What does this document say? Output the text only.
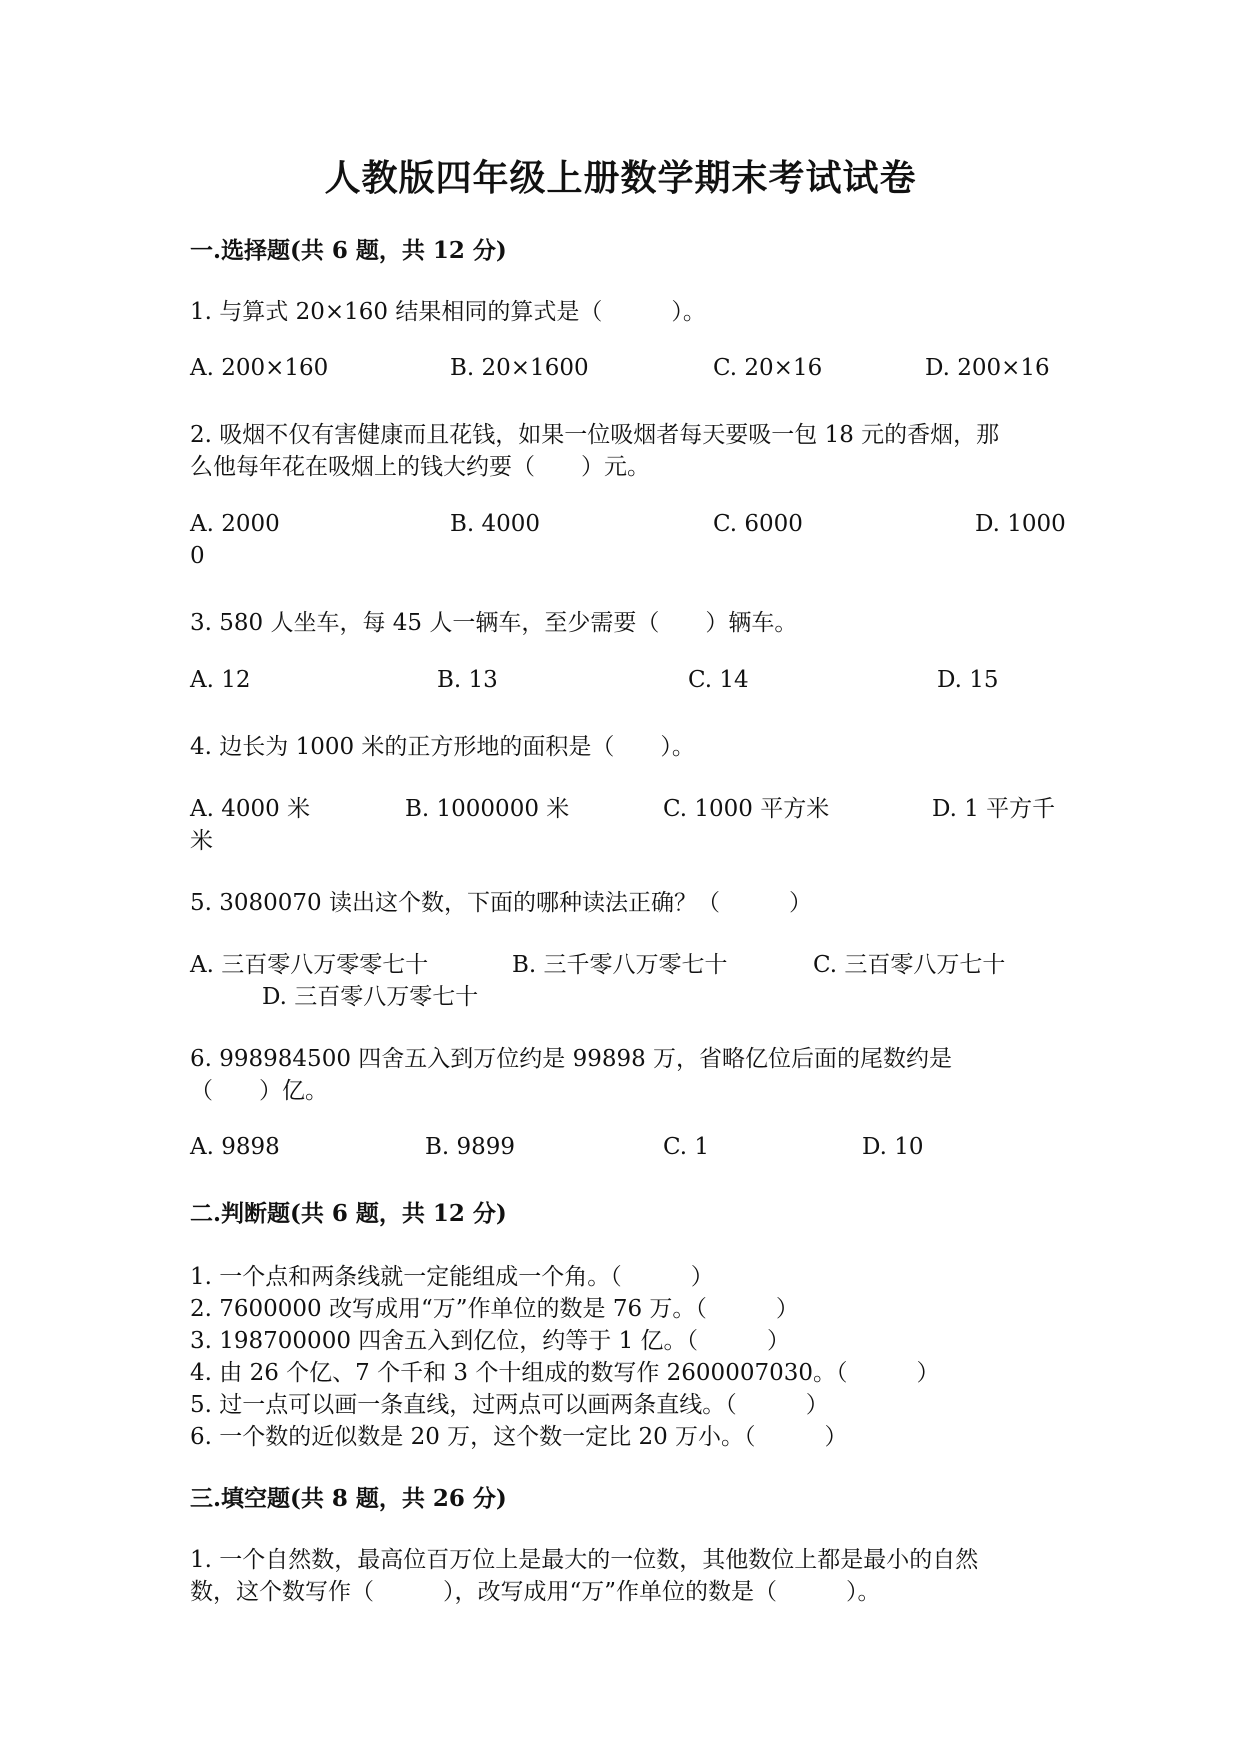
人教版四年级上册数学期末考试试卷
一.选择题(共 6 题，共 12 分)
1. 与算式 20×160 结果相同的算式是（　　　）。
A. 200×160	B. 20×1600	C. 20×16	D. 200×16
2. 吸烟不仅有害健康而且花钱，如果一位吸烟者每天要吸一包 18 元的香烟，那
么他每年花在吸烟上的钱大约要（　　）元。
A. 2000	B. 4000	C. 6000	D. 1000
0
3. 580 人坐车，每 45 人一辆车，至少需要（　　）辆车。
A. 12	B. 13	C. 14	D. 15
4. 边长为 1000 米的正方形地的面积是（　　）。
A. 4000 米	B. 1000000 米	C. 1000 平方米	D. 1 平方千
米
5. 3080070 读出这个数，下面的哪种读法正确？（　　　）
A. 三百零八万零零七十	B. 三千零八万零七十	C. 三百零八万七十
D. 三百零八万零七十
6. 998984500 四舍五入到万位约是 99898 万，省略亿位后面的尾数约是
（　　）亿。
A. 9898	B. 9899	C. 1	D. 10
二.判断题(共 6 题，共 12 分)
1. 一个点和两条线就一定能组成一个角。（　　　）
2. 7600000 改写成用“万”作单位的数是 76 万。（　　　）
3. 198700000 四舍五入到亿位，约等于 1 亿。（　　　）
4. 由 26 个亿、7 个千和 3 个十组成的数写作 2600007030。（　　　）
5. 过一点可以画一条直线，过两点可以画两条直线。（　　　）
6. 一个数的近似数是 20 万，这个数一定比 20 万小。（　　　）
三.填空题(共 8 题，共 26 分)
1. 一个自然数，最高位百万位上是最大的一位数，其他数位上都是最小的自然
数，这个数写作（　　　），改写成用“万”作单位的数是（　　　）。
